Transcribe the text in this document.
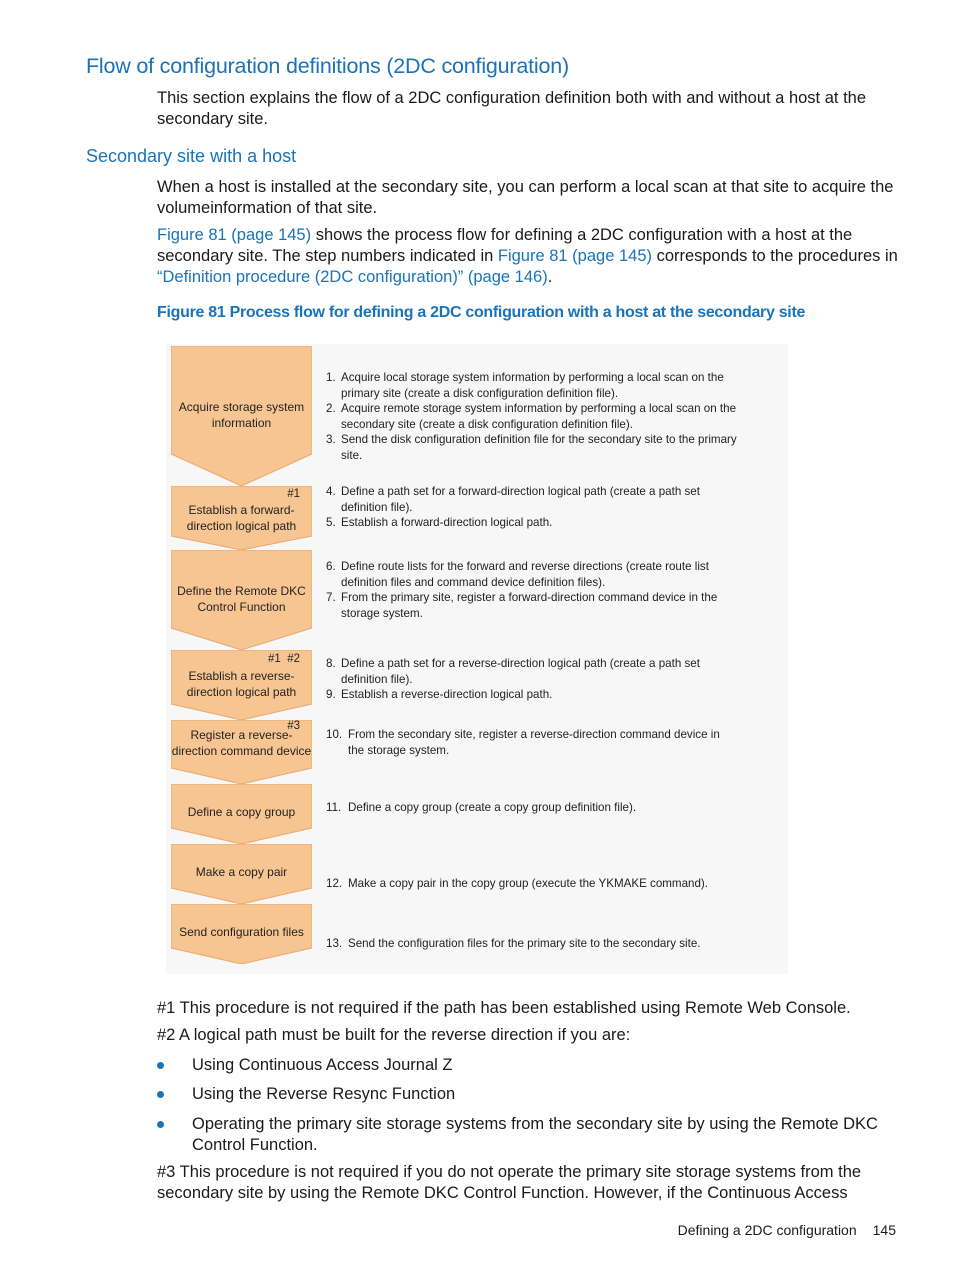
Flow of configuration definitions (2DC configuration)
This section explains the flow of a 2DC configuration definition both with and without a host at the secondary site.
Secondary site with a host
When a host is installed at the secondary site, you can perform a local scan at that site to acquire the volumeinformation of that site.
Figure 81 (page 145) shows the process flow for defining a 2DC configuration with a host at the secondary site. The step numbers indicated in Figure 81 (page 145) corresponds to the procedures in “Definition procedure (2DC configuration)” (page 146).
Figure 81 Process flow for defining a 2DC configuration with a host at the secondary site
Acquire storage system information
1. Acquire local storage system information by performing a local scan on the
primary site (create a disk configuration definition file).
2. Acquire remote storage system information by performing a local scan on the
secondary site (create a disk configuration definition file).
3. Send the disk configuration definition file for the secondary site to the primary
site.
#1
Establish a forward-direction logical path
4. Define a path set for a forward-direction logical path (create a path set
definition file).
5. Establish a forward-direction logical path.
Define the Remote DKC Control Function
6. Define route lists for the forward and reverse directions (create route list
definition files and command device definition files).
7. From the primary site, register a forward-direction command device in the
storage system.
#1  #2
Establish a reverse-direction logical path
8. Define a path set for a reverse-direction logical path (create a path set
definition file).
9. Establish a reverse-direction logical path.
#3
Register a reverse-direction command device
10. From the secondary site, register a reverse-direction command device in
the storage system.
Define a copy group	11. Define a copy group (create a copy group definition file).
Make a copy pair
12. Make a copy pair in the copy group (execute the YKMAKE command).
Send configuration files
13. Send the configuration files for the primary site to the secondary site.
#1 This procedure is not required if the path has been established using Remote Web Console.
#2 A logical path must be built for the reverse direction if you are:
Using Continuous Access Journal Z
Using the Reverse Resync Function
Operating the primary site storage systems from the secondary site by using the Remote DKC Control Function.
#3 This procedure is not required if you do not operate the primary site storage systems from the secondary site by using the Remote DKC Control Function. However, if the Continuous Access
Defining a 2DC configuration 145
